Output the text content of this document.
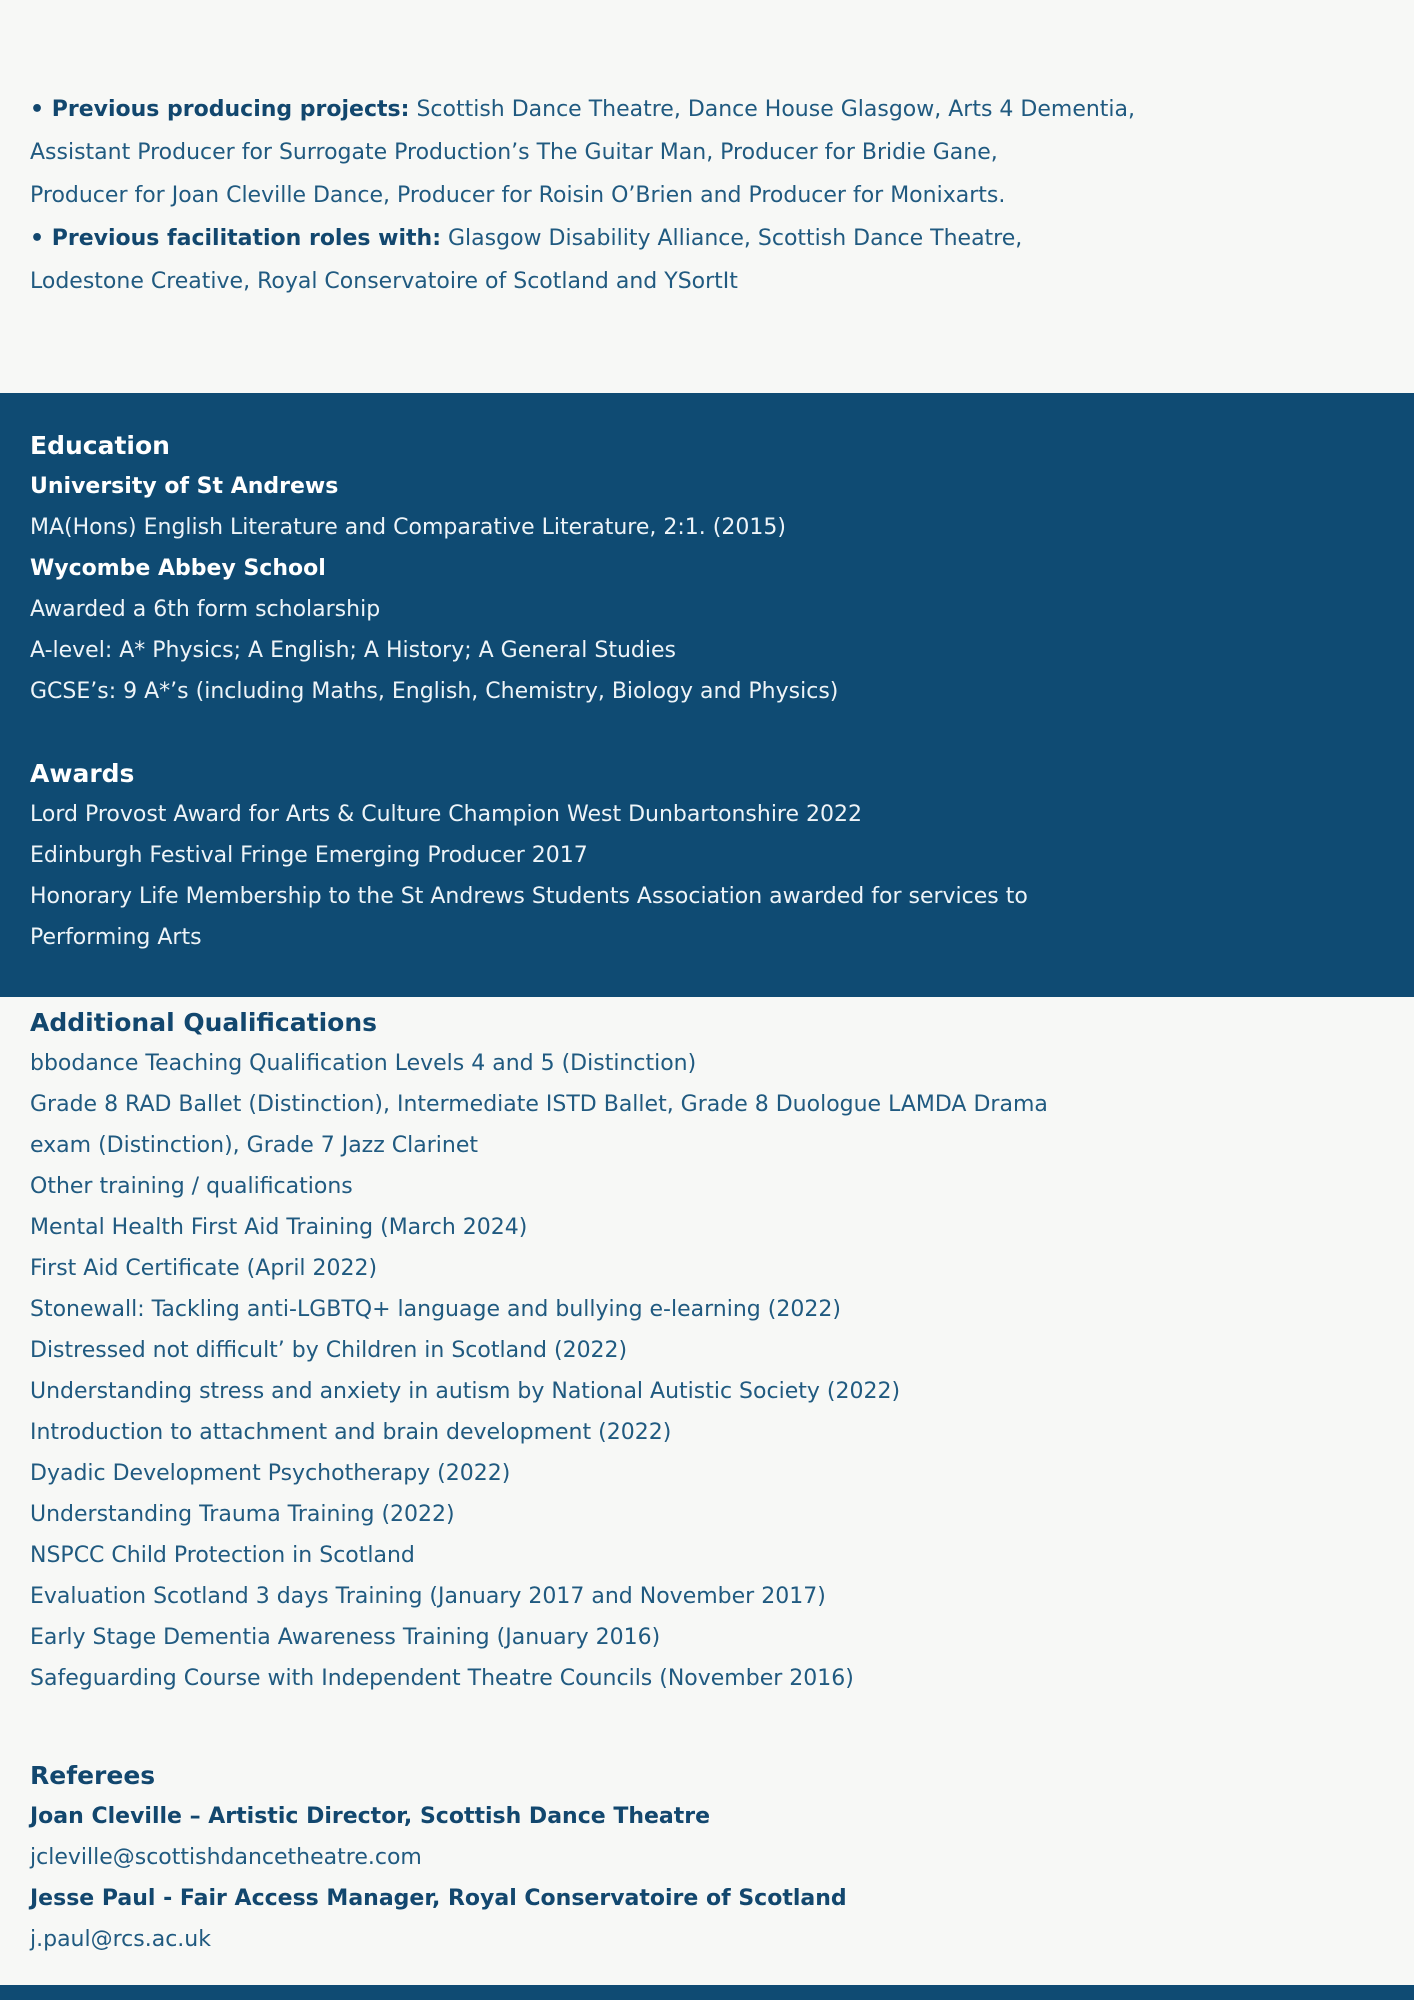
• Previous producing projects: Scottish Dance Theatre, Dance House Glasgow, Arts 4 Dementia,

Assistant Producer for Surrogate Production’s The Guitar Man, Producer for Bridie Gane,

Producer for Joan Cleville Dance, Producer for Roisin O’Brien and Producer for Monixarts.

• Previous facilitation roles with: Glasgow Disability Alliance, Scottish Dance Theatre,

Lodestone Creative, Royal Conservatoire of Scotland and YSortIt

Education
University of St Andrews
MA(Hons) English Literature and Comparative Literature, 2:1. (2015)
Wycombe Abbey School
Awarded a 6th form scholarship
A-level: A* Physics; A English; A History; A General Studies
GCSE’s: 9 A*’s (including Maths, English, Chemistry, Biology and Physics)
Awards
Lord Provost Award for Arts & Culture Champion West Dunbartonshire 2022
Edinburgh Festival Fringe Emerging Producer 2017
Honorary Life Membership to the St Andrews Students Association awarded for services to
Performing Arts
Additional Qualifications
bbodance Teaching Qualification Levels 4 and 5 (Distinction)
Grade 8 RAD Ballet (Distinction), Intermediate ISTD Ballet, Grade 8 Duologue LAMDA Drama
exam (Distinction), Grade 7 Jazz Clarinet
Other training / qualifications
Mental Health First Aid Training (March 2024)
First Aid Certificate (April 2022)
Stonewall: Tackling anti-LGBTQ+ language and bullying e-learning (2022)
Distressed not difficult’ by Children in Scotland (2022)
Understanding stress and anxiety in autism by National Autistic Society (2022)
Introduction to attachment and brain development (2022)
Dyadic Development Psychotherapy (2022)
Understanding Trauma Training (2022)
NSPCC Child Protection in Scotland
Evaluation Scotland 3 days Training (January 2017 and November 2017)
Early Stage Dementia Awareness Training (January 2016)
Safeguarding Course with Independent Theatre Councils (November 2016)
Referees
Joan Cleville – Artistic Director, Scottish Dance Theatre
jcleville@scottishdancetheatre.com
Jesse Paul - Fair Access Manager, Royal Conservatoire of Scotland
j.paul@rcs.ac.uk
